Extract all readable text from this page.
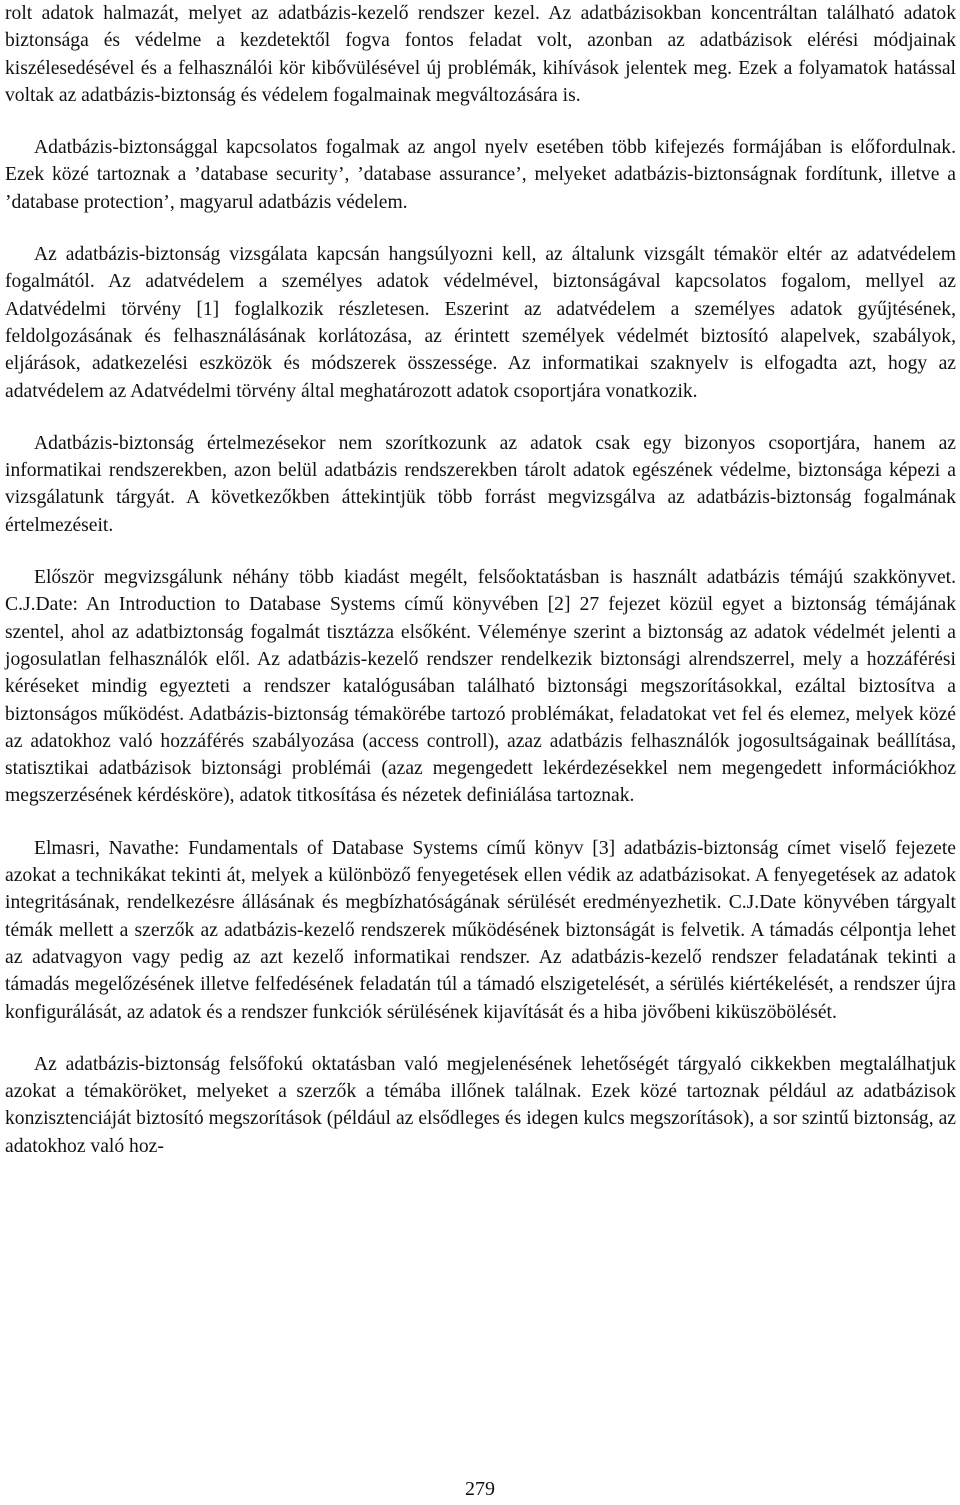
rolt adatok halmazát, melyet az adatbázis-kezelő rendszer kezel. Az adatbázisokban koncentráltan található adatok biztonsága és védelme a kezdetektől fogva fontos feladat volt, azonban az adatbázisok elérési módjainak kiszélesedésével és a felhasználói kör kibővülésével új problémák, kihívások jelentek meg. Ezek a folyamatok hatással voltak az adatbázis-biztonság és védelem fogalmainak megváltozására is.

Adatbázis-biztonsággal kapcsolatos fogalmak az angol nyelv esetében több kifejezés formájában is előfordulnak. Ezek közé tartoznak a ’database security’, ’database assurance’, melyeket adatbázis-biztonságnak fordítunk, illetve a ’database protection’, magyarul adatbázis védelem.

Az adatbázis-biztonság vizsgálata kapcsán hangsúlyozni kell, az általunk vizsgált témakör eltér az adatvédelem fogalmától. Az adatvédelem a személyes adatok védelmével, biztonságával kapcsolatos fogalom, mellyel az Adatvédelmi törvény [1] foglalkozik részletesen. Eszerint az adatvédelem a személyes adatok gyűjtésének, feldolgozásának és felhasználásának korlátozása, az érintett személyek védelmét biztosító alapelvek, szabályok, eljárások, adatkezelési eszközök és módszerek összessége. Az informatikai szaknyelv is elfogadta azt, hogy az adatvédelem az Adatvédelmi törvény által meghatározott adatok csoportjára vonatkozik.

Adatbázis-biztonság értelmezésekor nem szorítkozunk az adatok csak egy bizonyos csoportjára, hanem az informatikai rendszerekben, azon belül adatbázis rendszerekben tárolt adatok egészének védelme, biztonsága képezi a vizsgálatunk tárgyát. A következőkben áttekintjük több forrást megvizsgálva az adatbázis-biztonság fogalmának értelmezéseit.

Először megvizsgálunk néhány több kiadást megélt, felsőoktatásban is használt adatbázis témájú szakkönyvet. C.J.Date: An Introduction to Database Systems című könyvében [2] 27 fejezet közül egyet a biztonság témájának szentel, ahol az adatbiztonság fogalmát tisztázza elsőként. Véleménye szerint a biztonság az adatok védelmét jelenti a jogosulatlan felhasználók elől. Az adatbázis-kezelő rendszer rendelkezik biztonsági alrendszerrel, mely a hozzáférési kéréseket mindig egyezteti a rendszer katalógusában található biztonsági megszorításokkal, ezáltal biztosítva a biztonságos működést. Adatbázis-biztonság témakörébe tartozó problémákat, feladatokat vet fel és elemez, melyek közé az adatokhoz való hozzáférés szabályozása (access controll), azaz adatbázis felhasználók jogosultságainak beállítása, statisztikai adatbázisok biztonsági problémái (azaz megengedett lekérdezésekkel nem megengedett információkhoz megszerzésének kérdésköre), adatok titkosítása és nézetek definiálása tartoznak.

Elmasri, Navathe: Fundamentals of Database Systems című könyv [3] adatbázis-biztonság címet viselő fejezete azokat a technikákat tekinti át, melyek a különböző fenyegetések ellen védik az adatbázisokat. A fenyegetések az adatok integritásának, rendelkezésre állásának és megbízhatóságának sérülését eredményezhetik. C.J.Date könyvében tárgyalt témák mellett a szerzők az adatbázis-kezelő rendszerek működésének biztonságát is felvetik. A támadás célpontja lehet az adatvagyon vagy pedig az azt kezelő informatikai rendszer. Az adatbázis-kezelő rendszer feladatának tekinti a támadás megelőzésének illetve felfedésének feladatán túl a támadó elszigetelését, a sérülés kiértékelését, a rendszer újra konfigurálását, az adatok és a rendszer funkciók sérülésének kijavítását és a hiba jövőbeni kiküszöbölését.

Az adatbázis-biztonság felsőfokú oktatásban való megjelenésének lehetőségét tárgyaló cikkekben megtalálhatjuk azokat a témaköröket, melyeket a szerzők a témába illőnek találnak. Ezek közé tartoznak például az adatbázisok konzisztenciáját biztosító megszorítások (például az elsődleges és idegen kulcs megszorítások), a sor szintű biztonság, az adatokhoz való hoz-

279
